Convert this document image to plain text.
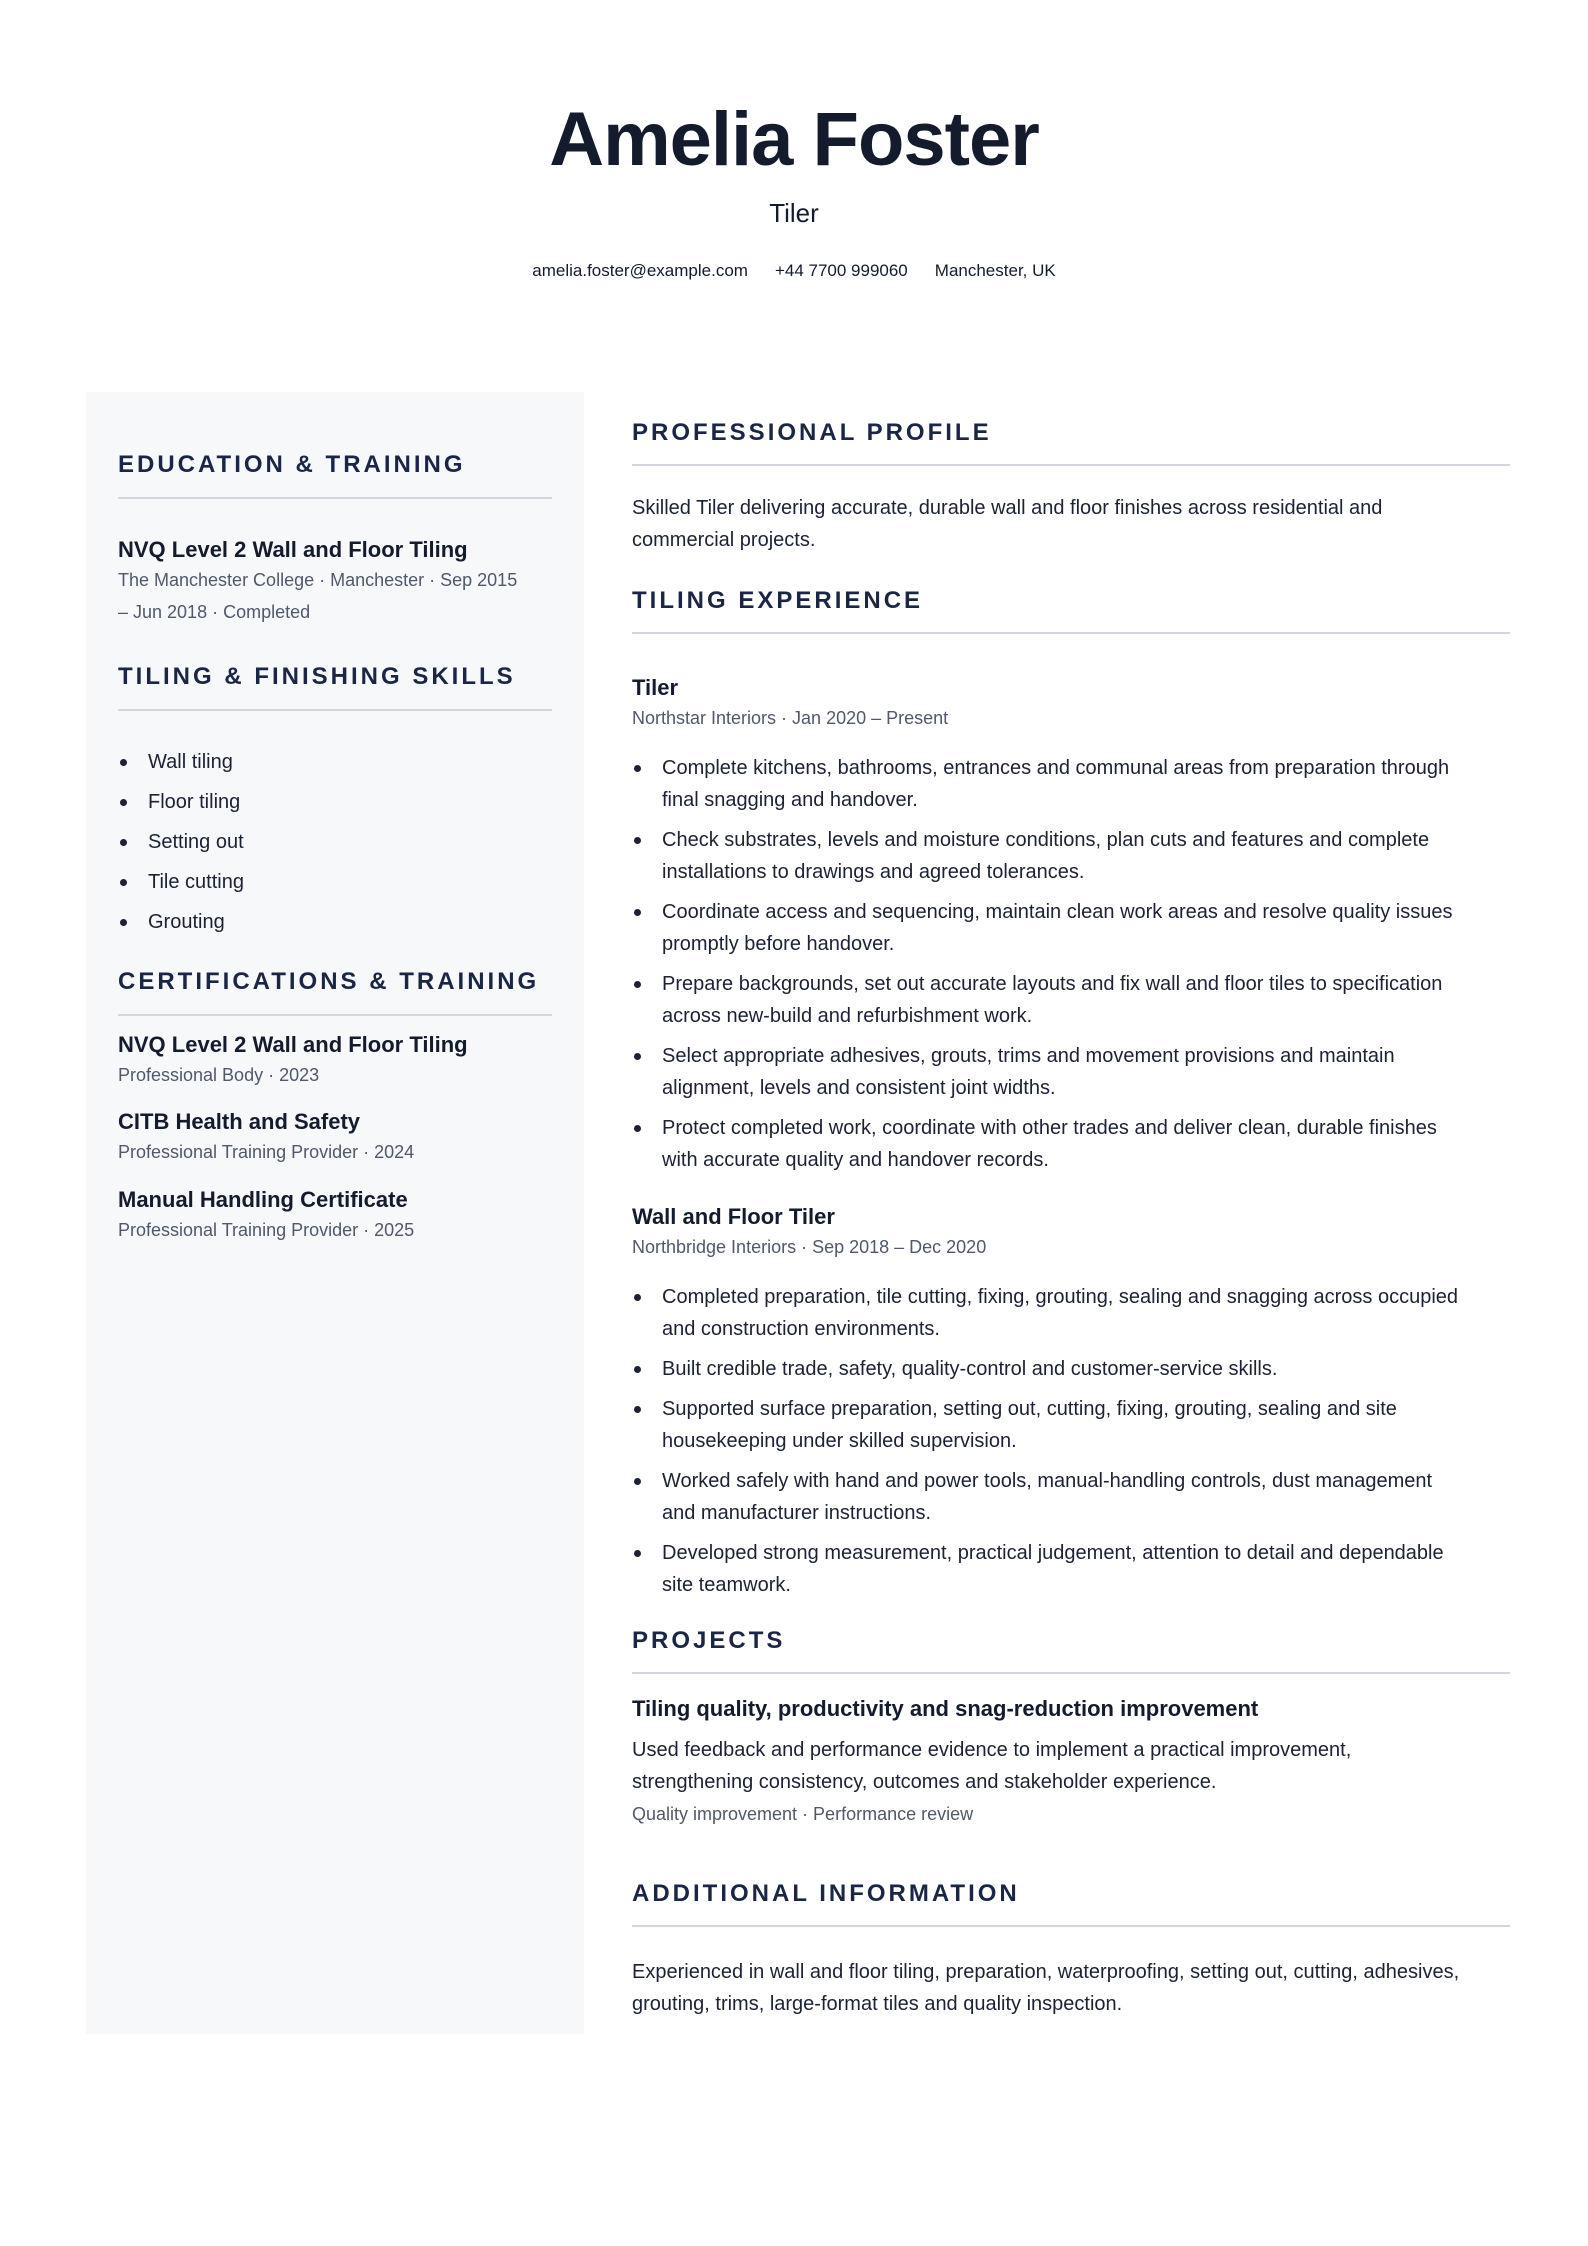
Amelia Foster
Tiler
amelia.foster@example.com +44 7700 999060 Manchester, UK
EDUCATION & TRAINING
NVQ Level 2 Wall and Floor Tiling
The Manchester College · Manchester · Sep 2015
– Jun 2018 · Completed
TILING & FINISHING SKILLS
Wall tiling
Floor tiling
Setting out
Tile cutting
Grouting
CERTIFICATIONS & TRAINING
NVQ Level 2 Wall and Floor Tiling
Professional Body · 2023
CITB Health and Safety
Professional Training Provider · 2024
Manual Handling Certificate
Professional Training Provider · 2025
PROFESSIONAL PROFILE
Skilled Tiler delivering accurate, durable wall and floor finishes across residential and
commercial projects.
TILING EXPERIENCE
Tiler
Northstar Interiors · Jan 2020 – Present
Complete kitchens, bathrooms, entrances and communal areas from preparation through
final snagging and handover.
Check substrates, levels and moisture conditions, plan cuts and features and complete
installations to drawings and agreed tolerances.
Coordinate access and sequencing, maintain clean work areas and resolve quality issues
promptly before handover.
Prepare backgrounds, set out accurate layouts and fix wall and floor tiles to specification
across new-build and refurbishment work.
Select appropriate adhesives, grouts, trims and movement provisions and maintain
alignment, levels and consistent joint widths.
Protect completed work, coordinate with other trades and deliver clean, durable finishes
with accurate quality and handover records.
Wall and Floor Tiler
Northbridge Interiors · Sep 2018 – Dec 2020
Completed preparation, tile cutting, fixing, grouting, sealing and snagging across occupied
and construction environments.
Built credible trade, safety, quality-control and customer-service skills.
Supported surface preparation, setting out, cutting, fixing, grouting, sealing and site
housekeeping under skilled supervision.
Worked safely with hand and power tools, manual-handling controls, dust management
and manufacturer instructions.
Developed strong measurement, practical judgement, attention to detail and dependable
site teamwork.
PROJECTS
Tiling quality, productivity and snag-reduction improvement
Used feedback and performance evidence to implement a practical improvement,
strengthening consistency, outcomes and stakeholder experience.
Quality improvement · Performance review
ADDITIONAL INFORMATION
Experienced in wall and floor tiling, preparation, waterproofing, setting out, cutting, adhesives,
grouting, trims, large-format tiles and quality inspection.
